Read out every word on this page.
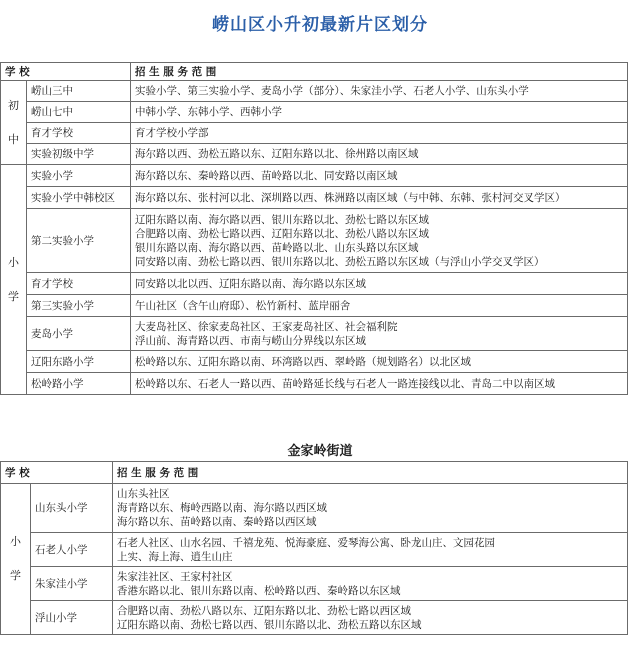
崂山区小升初最新片区划分
学 校		招 生 服 务 范 围

初
中	崂山三中	实验小学、第三实验小学、麦岛小学（部分）、朱家洼小学、石老人小学、山东头小学

	崂山七中	中韩小学、东韩小学、西韩小学

	育才学校	育才学校小学部

	实验初级中学	海尔路以西、劲松五路以东、辽阳东路以北、徐州路以南区域

小
学	实验小学	海尔路以东、秦岭路以西、苗岭路以北、同安路以南区域

	实验小学中韩校区	海尔路以东、张村河以北、深圳路以西、株洲路以南区域（与中韩、东韩、张村河交叉学区）

	第二实验小学	辽阳东路以南、海尔路以西、银川东路以北、劲松七路以东区域
合肥路以南、劲松七路以西、辽阳东路以北、劲松八路以东区域
银川东路以南、海尔路以西、苗岭路以北、山东头路以东区域
同安路以南、劲松七路以西、银川东路以北、劲松五路以东区域（与浮山小学交叉学区）

	育才学校	同安路以北以西、辽阳东路以南、海尔路以东区域

	第三实验小学	午山社区（含午山府邸）、松竹新村、蓝岸丽舍

	麦岛小学	大麦岛社区、徐家麦岛社区、王家麦岛社区、社会福利院
浮山前、海青路以西、市南与崂山分界线以东区域

	辽阳东路小学	松岭路以东、辽阳东路以南、环湾路以西、翠岭路（规划路名）以北区域

	松岭路小学	松岭路以东、石老人一路以西、苗岭路延长线与石老人一路连接线以北、青岛二中以南区域
金家岭街道
学 校		招 生 服 务 范 围

小
学	山东头小学	山东头社区
海青路以东、梅岭西路以南、海尔路以西区域
海尔路以东、苗岭路以南、秦岭路以西区域

	石老人小学	石老人社区、山水名园、千禧龙苑、悦海豪庭、爱琴海公寓、卧龙山庄、文园花园
上实、海上海、逍生山庄

	朱家洼小学	朱家洼社区、王家村社区
香港东路以北、银川东路以南、松岭路以西、秦岭路以东区域

	浮山小学	合肥路以南、劲松八路以东、辽阳东路以北、劲松七路以西区域
辽阳东路以南、劲松七路以西、银川东路以北、劲松五路以东区域
